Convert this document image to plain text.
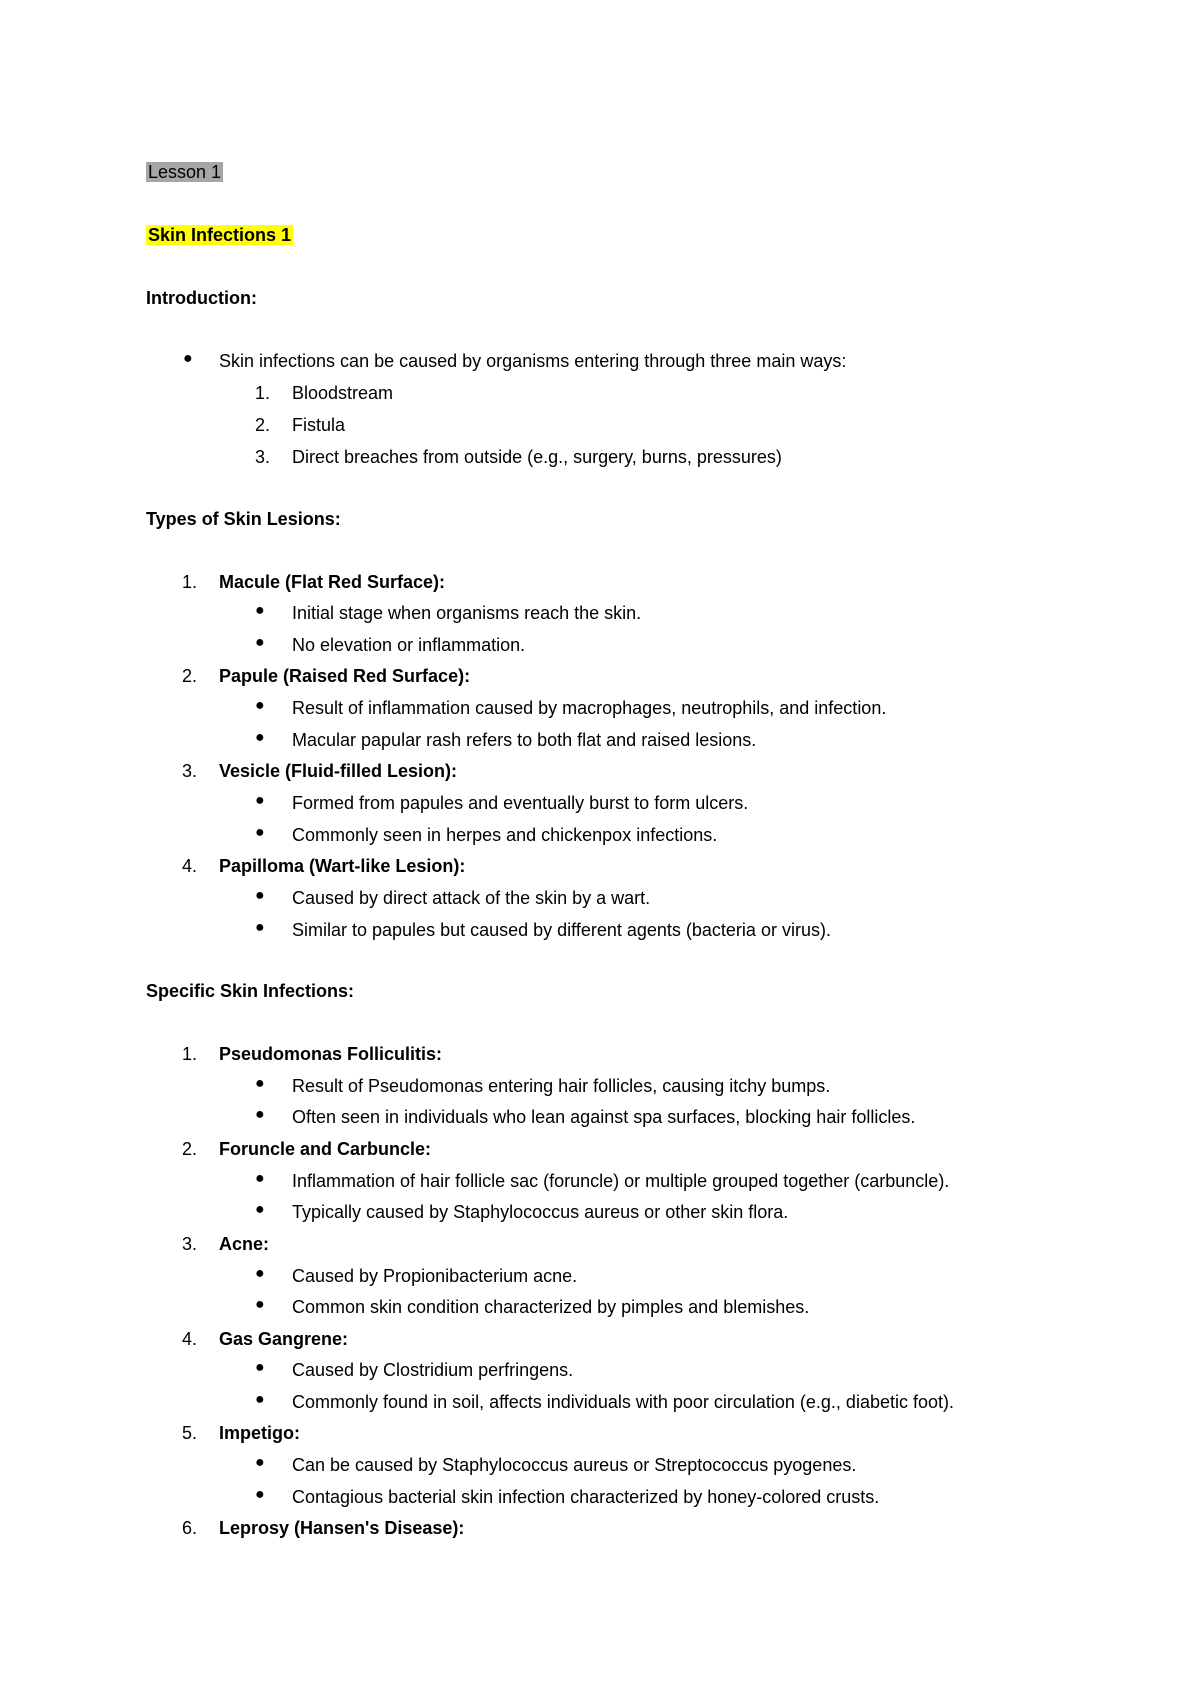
Lesson 1
Skin Infections 1
Introduction:
● Skin infections can be caused by organisms entering through three main ways:
1. Bloodstream
2. Fistula
3. Direct breaches from outside (e.g., surgery, burns, pressures)
Types of Skin Lesions:
1. Macule (Flat Red Surface):
● Initial stage when organisms reach the skin.
● No elevation or inflammation.
2. Papule (Raised Red Surface):
● Result of inflammation caused by macrophages, neutrophils, and infection.
● Macular papular rash refers to both flat and raised lesions.
3. Vesicle (Fluid-filled Lesion):
● Formed from papules and eventually burst to form ulcers.
● Commonly seen in herpes and chickenpox infections.
4. Papilloma (Wart-like Lesion):
● Caused by direct attack of the skin by a wart.
● Similar to papules but caused by different agents (bacteria or virus).
Specific Skin Infections:
1. Pseudomonas Folliculitis:
● Result of Pseudomonas entering hair follicles, causing itchy bumps.
● Often seen in individuals who lean against spa surfaces, blocking hair follicles.
2. Foruncle and Carbuncle:
● Inflammation of hair follicle sac (foruncle) or multiple grouped together (carbuncle).
● Typically caused by Staphylococcus aureus or other skin flora.
3. Acne:
● Caused by Propionibacterium acne.
● Common skin condition characterized by pimples and blemishes.
4. Gas Gangrene:
● Caused by Clostridium perfringens.
● Commonly found in soil, affects individuals with poor circulation (e.g., diabetic foot).
5. Impetigo:
● Can be caused by Staphylococcus aureus or Streptococcus pyogenes.
● Contagious bacterial skin infection characterized by honey-colored crusts.
6. Leprosy (Hansen's Disease):
